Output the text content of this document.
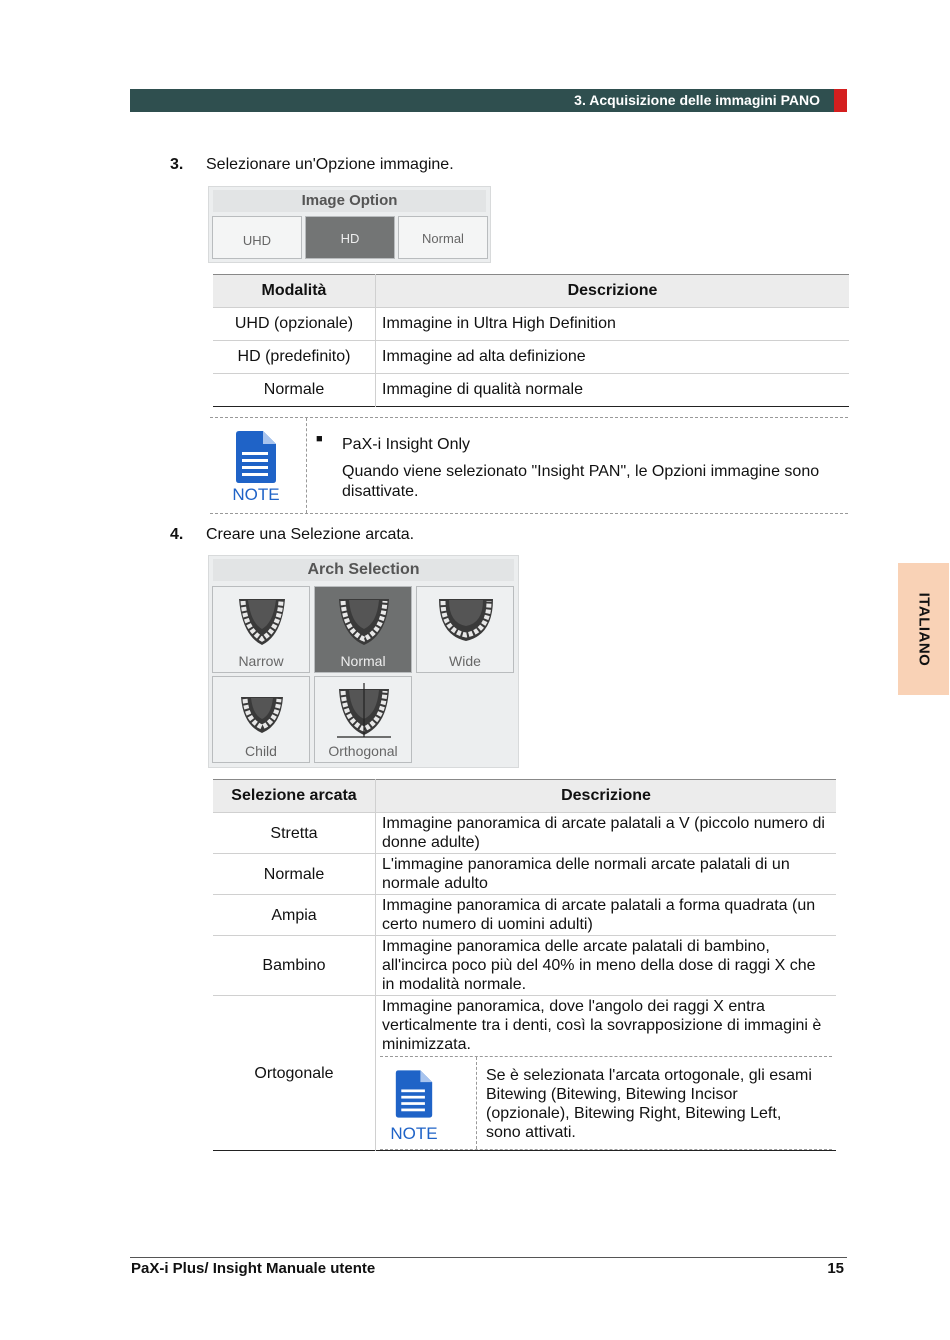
3. Acquisizione delle immagini PANO
3. Selezionare un'Opzione immagine.
Image Option
UHD	HD	Normal
Modalità	Descrizione
UHD (opzionale)	Immagine in Ultra High Definition
HD (predefinito)	Immagine ad alta definizione
Normale	Immagine di qualità normale
NOTE
■ PaX-i Insight Only
Quando viene selezionato "Insight PAN", le Opzioni immagine sono disattivate.
4. Creare una Selezione arcata.
Arch Selection
Narrow	Normal	Wide
Child	Orthogonal
Selezione arcata	Descrizione
Stretta	Immagine panoramica di arcate palatali a V (piccolo numero di donne adulte)
Normale	L'immagine panoramica delle normali arcate palatali di un normale adulto
Ampia	Immagine panoramica di arcate palatali a forma quadrata (un certo numero di uomini adulti)
Bambino	Immagine panoramica delle arcate palatali di bambino, all'incirca poco più del 40% in meno della dose di raggi X che in modalità normale.
Ortogonale	Immagine panoramica, dove l'angolo dei raggi X entra verticalmente tra i denti, così la sovrapposizione di immagini è minimizzata.
NOTE
Se è selezionata l'arcata ortogonale, gli esami Bitewing (Bitewing, Bitewing Incisor (opzionale), Bitewing Right, Bitewing Left, sono attivati.
ITALIANO
PaX-i Plus/ Insight Manuale utente	15
